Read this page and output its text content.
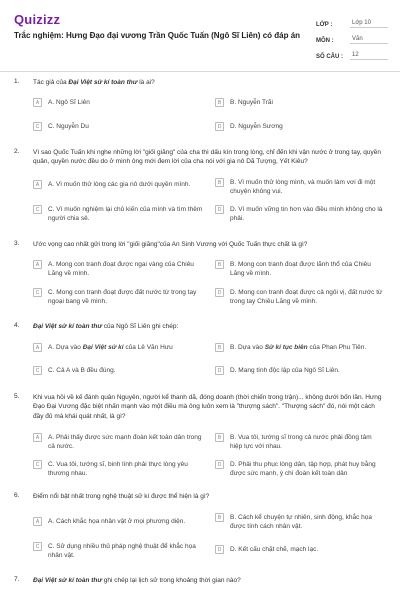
Quizizz
Trắc nghiệm: Hưng Đạo đại vương Trần Quốc Tuấn (Ngô Sĩ Liên) có đáp án
LỚP :	Lớp 10
MÔN :	Văn
SỐ CÂU :	12
1. Tác giả của Đại Việt sử kí toàn thư là ai?
A	A. Ngô Sĩ Liên	B	B. Nguyễn Trãi
C	C. Nguyễn Du	D	D. Nguyễn Sương
2. Vì sao Quốc Tuấn khi nghe những lời "giối giăng" của cha thì dấu kín trong lòng, chỉ đến khi vận nước ở trong tay, quyền quân, quyền nước đều do ở mình ông mới đem lời của cha nói với gia nô Dã Tượng, Yết Kiêu?
A	A. Vì muốn thử lòng các gia nô dưới quyền mình.	B	B. Vì muốn thử lòng mình, và muốn làm vơi đi một chuyện không vui.
C	C. Vì muốn nghiệm lại chủ kiến của mình và tìm thêm người chia sẻ.
D	D. Vì muốn vững tin hơn vào điều mình không cho là phải.
3. Ước vọng cao nhất gửi trong lời "giối giăng"của An Sinh Vương với Quốc Tuấn thực chất là gì?
A	A. Mong con tranh đoạt được ngai vàng của Chiêu Lăng về mình.
B	B. Mong con tranh đoạt được lãnh thổ của Chiêu Lăng về mình.
C	C. Mong con tranh đoạt được đất nước từ trong tay ngoại bang về mình.
D	D. Mong con tranh đoạt được cả ngôi vị, đất nước từ trong tay Chiêu Lăng về mình.
4. Đại Việt sử kí toàn thư của Ngô Sĩ Liên ghi chép:
A	A. Dựa vào Đại Việt sử kí của Lê Văn Hưu	B	B. Dựa vào Sử kí tục biên của Phan Phu Tiên.
C	C. Cả A và B đều đúng.	D	D. Mang tính độc lập của Ngô Sĩ Liên.
5. Khi vua hỏi về kế đánh quân Nguyên, người kể thanh dã, đóng doanh (thời chiến trong trận)... không dưới bốn lần. Hưng Đạo Đại Vương đặc biệt nhấn mạnh vào một điều mà ông luôn xem là "thượng sách". "Thượng sách" đó, nói một cách đầy đủ mà khái quát nhất, là gì?
A	A. Phải thấy được sức mạnh đoàn kết toàn dân trong cả nước.
B	B. Vua tôi, tướng sĩ trong cả nước phải đồng tâm hiệp lực với nhau.
C	C. Vua tôi, tướng sĩ, binh lính phải thực lòng yêu thương nhau.
D	D. Phải thu phục lòng dân, tập hợp, phát huy bằng được sức mạnh, ý chí đoàn kết toàn dân
6. Điểm nổi bật nhất trong nghệ thuật sử kí được thể hiện là gì?
A	A. Cách khắc họa nhân vật ở mọi phương diện.	B	B. Cách kể chuyện tự nhiên, sinh động, khắc họa được tính cách nhân vật.
C	C. Sử dụng nhiều thủ pháp nghệ thuật để khắc họa nhân vật.
D	D. Kết cấu chặt chẽ, mạch lạc.
7. Đại Việt sử kí toàn thư ghi chép lại lịch sử trong khoảng thời gian nào?
